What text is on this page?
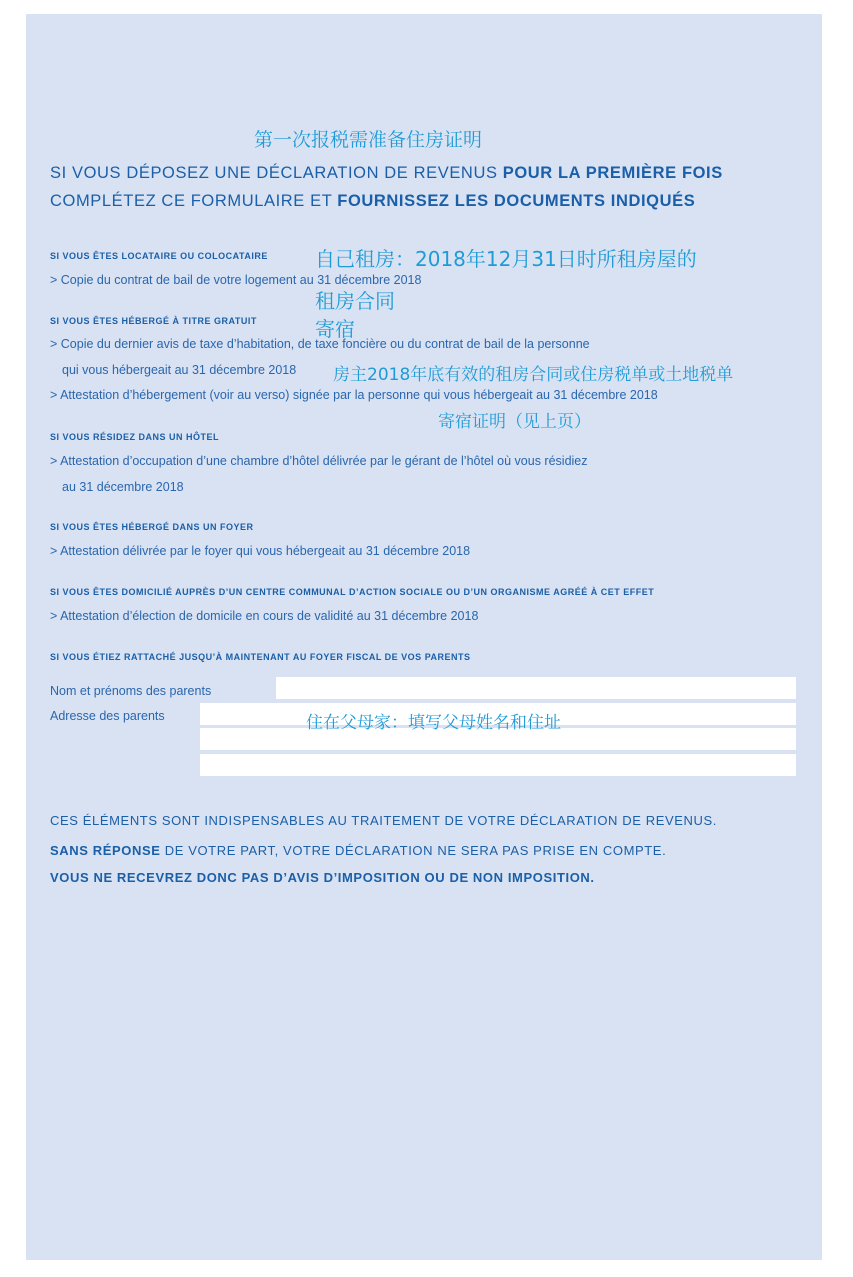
第一次报税需准备住房证明
SI VOUS DÉPOSEZ UNE DÉCLARATION DE REVENUS POUR LA PREMIÈRE FOIS
COMPLÉTEZ CE FORMULAIRE ET FOURNISSEZ LES DOCUMENTS INDIQUÉS
SI VOUS ÊTES LOCATAIRE OU COLOCATAIRE 自己租房：2018年12月31日时所租房屋的
> Copie du contrat de bail de votre logement au 31 décembre 2018
租房合同
SI VOUS ÊTES HÉBERGÉ À TITRE GRATUIT	寄宿
> Copie du dernier avis de taxe d’habitation, de taxe foncière ou du contrat de bail de la personne
qui vous hébergeait au 31 décembre 2018 房主2018年底有效的租房合同或住房税单或土地税单
> Attestation d’hébergement (voir au verso) signée par la personne qui vous hébergeait au 31 décembre 2018
寄宿证明（见上页）
SI VOUS RÉSIDEZ DANS UN HÔTEL
> Attestation d’occupation d’une chambre d’hôtel délivrée par le gérant de l’hôtel où vous résidiez
au 31 décembre 2018
SI VOUS ÊTES HÉBERGÉ DANS UN FOYER
> Attestation délivrée par le foyer qui vous hébergeait au 31 décembre 2018
SI VOUS ÊTES DOMICILIÉ AUPRÈS D’UN CENTRE COMMUNAL D’ACTION SOCIALE OU D’UN ORGANISME AGRÉÉ À CET EFFET
> Attestation d’élection de domicile en cours de validité au 31 décembre 2018
SI VOUS ÉTIEZ RATTACHÉ JUSQU’À MAINTENANT AU FOYER FISCAL DE VOS PARENTS
Nom et prénoms des parents
Adresse des parents	住在父母家：填写父母姓名和住址
CES ÉLÉMENTS SONT INDISPENSABLES AU TRAITEMENT DE VOTRE DÉCLARATION DE REVENUS.
SANS RÉPONSE DE VOTRE PART, VOTRE DÉCLARATION NE SERA PAS PRISE EN COMPTE.
VOUS NE RECEVREZ DONC PAS D’AVIS D’IMPOSITION OU DE NON IMPOSITION.
